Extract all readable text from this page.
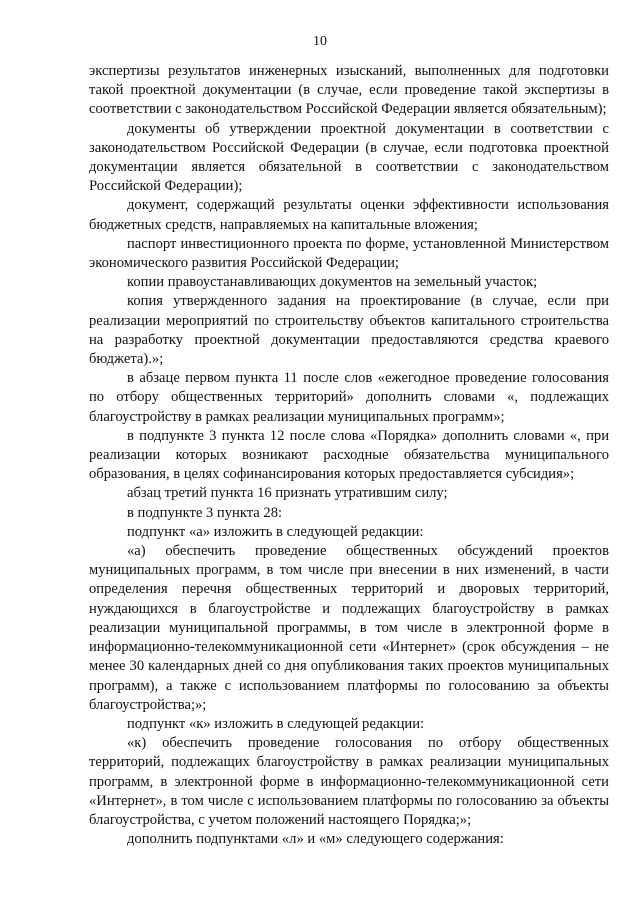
10

экспертизы результатов инженерных изысканий, выполненных для подготовки такой проектной документации (в случае, если проведение такой экспертизы в соответствии с законодательством Российской Федерации является обязательным);

документы об утверждении проектной документации в соответствии с законодательством Российской Федерации (в случае, если подготовка проектной документации является обязательной в соответствии с законодательством Российской Федерации);

документ, содержащий результаты оценки эффективности использования бюджетных средств, направляемых на капитальные вложения;

паспорт инвестиционного проекта по форме, установленной Министерством экономического развития Российской Федерации;

копии правоустанавливающих документов на земельный участок;

копия утвержденного задания на проектирование (в случае, если при реализации мероприятий по строительству объектов капитального строительства на разработку проектной документации предоставляются средства краевого бюджета).»;

в абзаце первом пункта 11 после слов «ежегодное проведение голосования по отбору общественных территорий» дополнить словами «, подлежащих благоустройству в рамках реализации муниципальных программ»;

в подпункте 3 пункта 12 после слова «Порядка» дополнить словами «, при реализации которых возникают расходные обязательства муниципального образования, в целях софинансирования которых предоставляется субсидия»;

абзац третий пункта 16 признать утратившим силу;

в подпункте 3 пункта 28:

подпункт «а» изложить в следующей редакции:

«а) обеспечить проведение общественных обсуждений проектов муниципальных программ, в том числе при внесении в них изменений, в части определения перечня общественных территорий и дворовых территорий, нуждающихся в благоустройстве и подлежащих благоустройству в рамках реализации муниципальной программы, в том числе в электронной форме в информационно-телекоммуникационной сети «Интернет» (срок обсуждения – не менее 30 календарных дней со дня опубликования таких проектов муниципальных программ), а также с использованием платформы по голосованию за объекты благоустройства;»;

подпункт «к» изложить в следующей редакции:

«к) обеспечить проведение голосования по отбору общественных территорий, подлежащих благоустройству в рамках реализации муниципальных программ, в электронной форме в информационно-телекоммуникационной сети «Интернет», в том числе с использованием платформы по голосованию за объекты благоустройства, с учетом положений настоящего Порядка;»;

дополнить подпунктами «л» и «м» следующего содержания:
